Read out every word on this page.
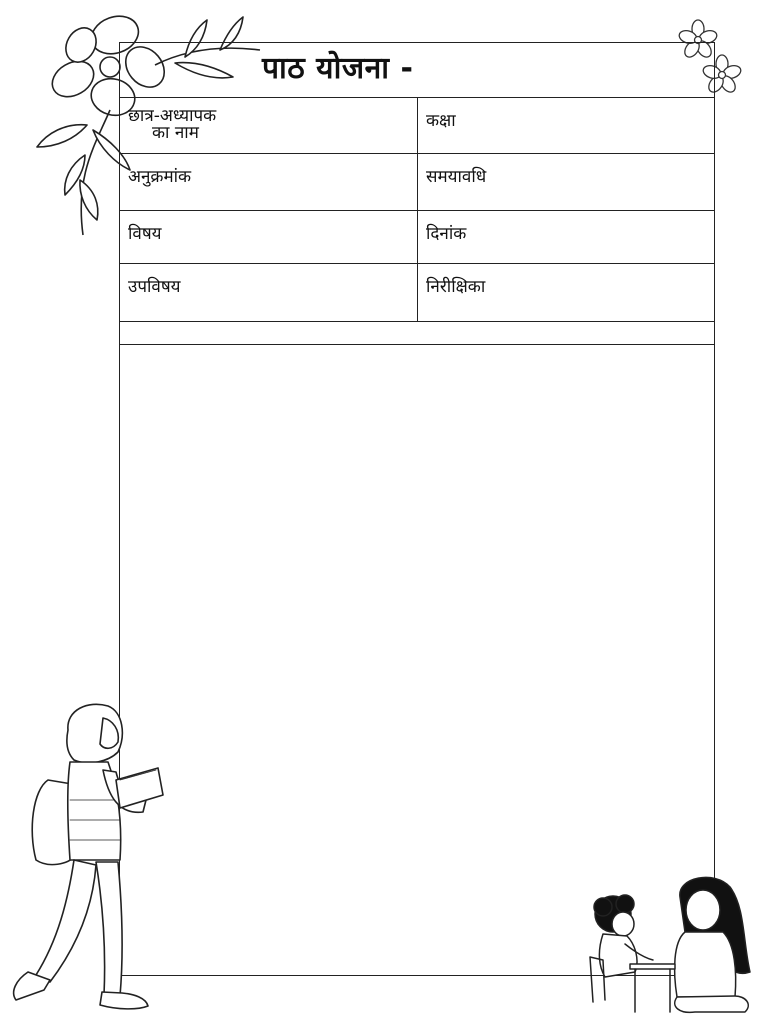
पाठ योजना -
छात्र-अध्यापक
का नाम	कक्षा
अनुक्रमांक	समयावधि
विषय	दिनांक
उपविषय	निरीक्षिका
